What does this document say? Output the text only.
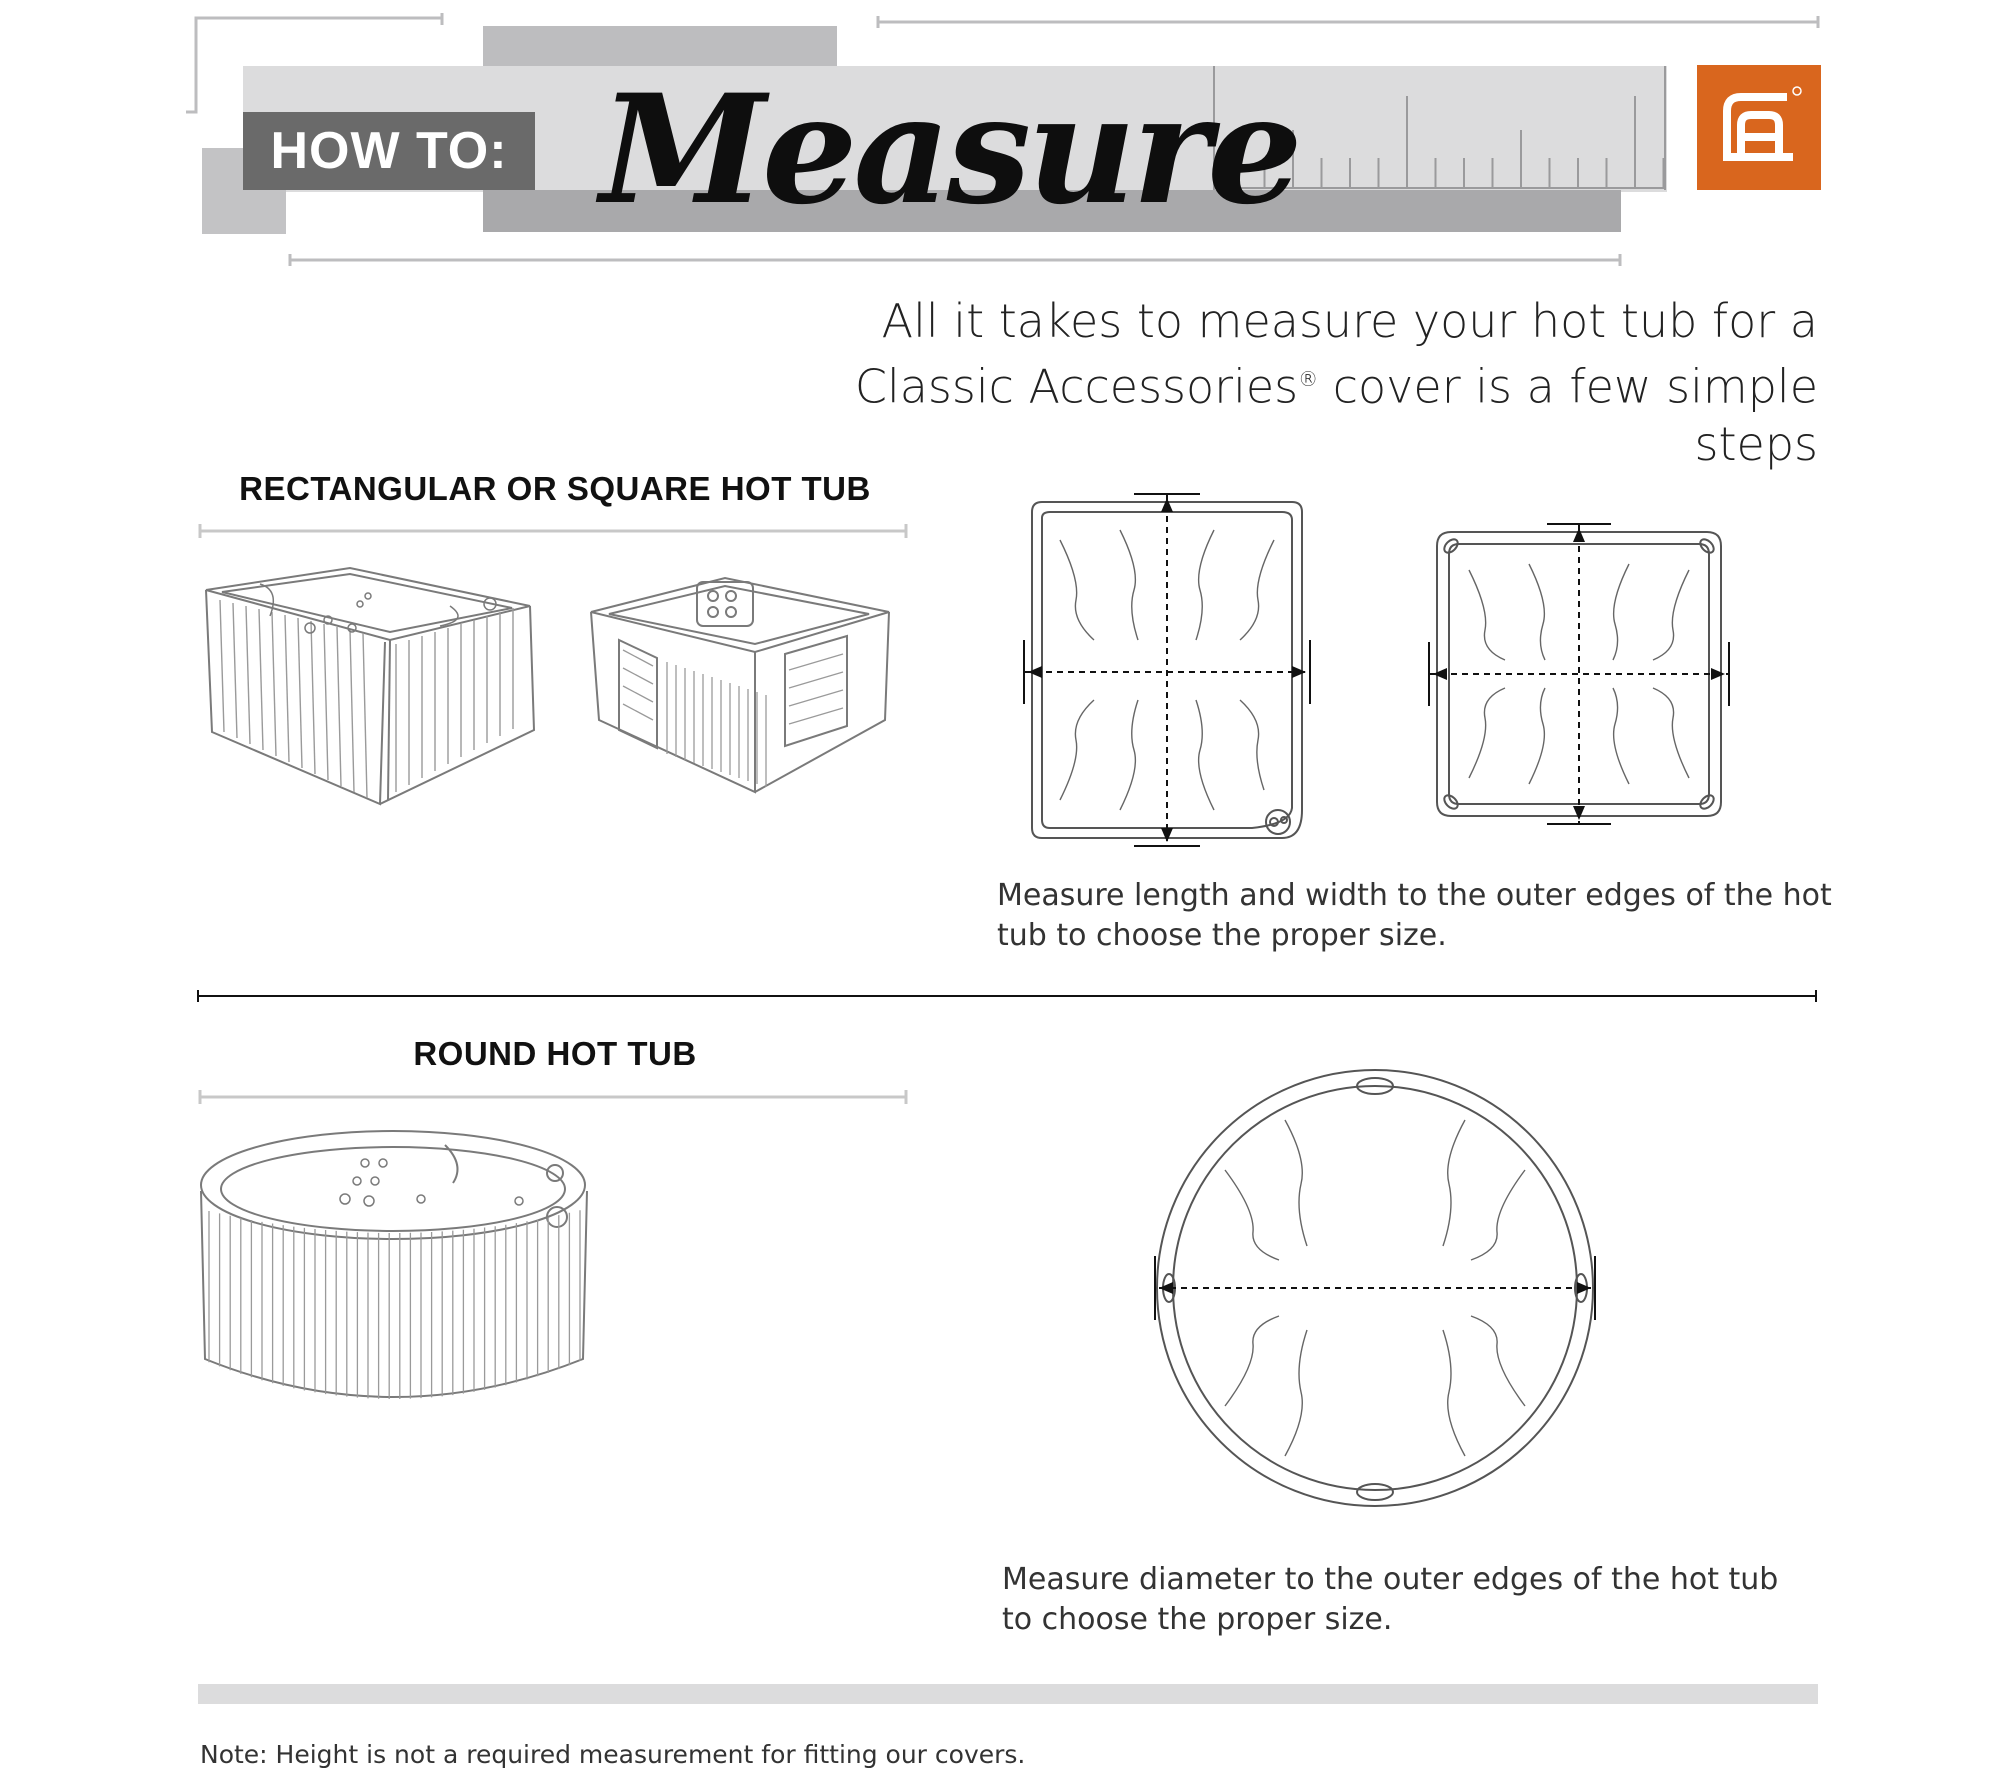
HOW TO: Measure
All it takes to measure your hot tub for a
Classic Accessories® cover is a few simple steps
RECTANGULAR OR SQUARE HOT TUB
Measure length and width to the outer edges of the hot
tub to choose the proper size.
ROUND HOT TUB
Measure diameter to the outer edges of the hot tub
to choose the proper size.
Note: Height is not a required measurement for fitting our covers.
